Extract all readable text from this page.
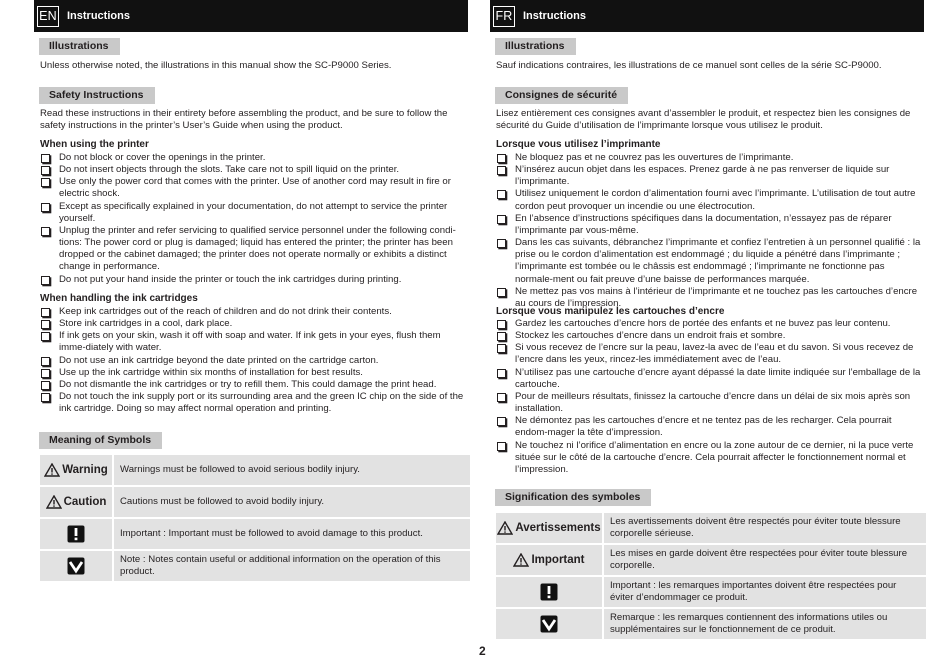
EN Instructions
Illustrations
Unless otherwise noted, the illustrations in this manual show the SC-P9000 Series.
Safety Instructions
Read these instructions in their entirety before assembling the product, and be sure to follow the safety instructions in the printer’s User’s Guide when using the product.
When using the printer
Do not block or cover the openings in the printer.
Do not insert objects through the slots. Take care not to spill liquid on the printer.
Use only the power cord that comes with the printer. Use of another cord may result in fire or electric shock.
Except as specifically explained in your documentation, do not attempt to service the printer yourself.
Unplug the printer and refer servicing to qualified service personnel under the following condi-tions: The power cord or plug is damaged; liquid has entered the printer; the printer has been dropped or the cabinet damaged; the printer does not operate normally or exhibits a distinct change in performance.
Do not put your hand inside the printer or touch the ink cartridges during printing.
When handling the ink cartridges
Keep ink cartridges out of the reach of children and do not drink their contents.
Store ink cartridges in a cool, dark place.
If ink gets on your skin, wash it off with soap and water. If ink gets in your eyes, flush them imme-diately with water.
Do not use an ink cartridge beyond the date printed on the cartridge carton.
Use up the ink cartridge within six months of installation for best results.
Do not dismantle the ink cartridges or try to refill them. This could damage the print head.
Do not touch the ink supply port or its surrounding area and the green IC chip on the side of the ink cartridge. Doing so may affect normal operation and printing.
Meaning of Symbols
Warning	Warnings must be followed to avoid serious bodily injury.
Caution	Cautions must be followed to avoid bodily injury.
Important : Important must be followed to avoid damage to this product.
Note : Notes contain useful or additional information on the operation of this product.
FR Instructions
Illustrations
Sauf indications contraires, les illustrations de ce manuel sont celles de la série SC-P9000.
Consignes de sécurité
Lisez entièrement ces consignes avant d’assembler le produit, et respectez bien les consignes de sécurité du Guide d’utilisation de l’imprimante lorsque vous utilisez le produit.
Lorsque vous utilisez l’imprimante
Ne bloquez pas et ne couvrez pas les ouvertures de l’imprimante.
N’insérez aucun objet dans les espaces. Prenez garde à ne pas renverser de liquide sur l’imprimante.
Utilisez uniquement le cordon d’alimentation fourni avec l’imprimante. L’utilisation de tout autre cordon peut provoquer un incendie ou une électrocution.
En l’absence d’instructions spécifiques dans la documentation, n’essayez pas de réparer l’imprimante par vous-même.
Dans les cas suivants, débranchez l’imprimante et confiez l’entretien à un personnel qualifié : la prise ou le cordon d’alimentation est endommagé ; du liquide a pénétré dans l’imprimante ; l’imprimante est tombée ou le châssis est endommagé ; l’imprimante ne fonctionne pas normale-ment ou fait preuve d’une baisse de performances marquée.
Ne mettez pas vos mains à l’intérieur de l’imprimante et ne touchez pas les cartouches d’encre au cours de l’impression.
Lorsque vous manipulez les cartouches d’encre
Gardez les cartouches d’encre hors de portée des enfants et ne buvez pas leur contenu.
Stockez les cartouches d’encre dans un endroit frais et sombre.
Si vous recevez de l’encre sur la peau, lavez-la avec de l’eau et du savon. Si vous recevez de l’encre dans les yeux, rincez-les immédiatement avec de l’eau.
N’utilisez pas une cartouche d’encre ayant dépassé la date limite indiquée sur l’emballage de la cartouche.
Pour de meilleurs résultats, finissez la cartouche d’encre dans un délai de six mois après son installation.
Ne démontez pas les cartouches d’encre et ne tentez pas de les recharger. Cela pourrait endom-mager la tête d’impression.
Ne touchez ni l’orifice d’alimentation en encre ou la zone autour de ce dernier, ni la puce verte située sur le côté de la cartouche d’encre. Cela pourrait affecter le fonctionnement normal et l’impression.
Signification des symboles
Avertissements
Les avertissements doivent être respectés pour éviter toute blessure corporelle sérieuse.
Important
Les mises en garde doivent être respectées pour éviter toute blessure corporelle.
Important : les remarques importantes doivent être respectées pour éviter d’endommager ce produit.
Remarque : les remarques contiennent des informations utiles ou supplémentaires sur le fonctionnement de ce produit.
2
